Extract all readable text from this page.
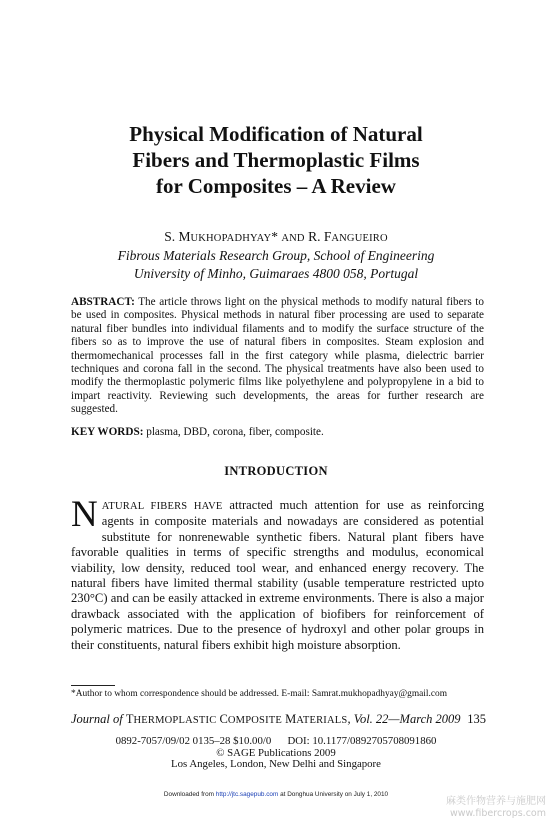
Physical Modification of Natural
Fibers and Thermoplastic Films
for Composites – A Review
S. MUKHOPADHYAY* AND R. FANGUEIRO
Fibrous Materials Research Group, School of Engineering
University of Minho, Guimaraes 4800 058, Portugal

ABSTRACT: The article throws light on the physical methods to modify natural fibers to be used in composites. Physical methods in natural fiber processing are used to separate natural fiber bundles into individual filaments and to modify the surface structure of the fibers so as to improve the use of natural fibers in composites. Steam explosion and thermomechanical processes fall in the first category while plasma, dielectric barrier techniques and corona fall in the second. The physical treatments have also been used to modify the thermoplastic polymeric films like polyethylene and polypropylene in a bid to impart reactivity. Reviewing such developments, the areas for further research are suggested.

KEY WORDS: plasma, DBD, corona, fiber, composite.

INTRODUCTION

NATURAL FIBERS HAVE attracted much attention for use as reinforcing agents in composite materials and nowadays are considered as potential substitute for nonrenewable synthetic fibers. Natural plant fibers have favorable qualities in terms of specific strengths and modulus, economical viability, low density, reduced tool wear, and enhanced energy recovery. The natural fibers have limited thermal stability (usable temperature restricted upto 230°C) and can be easily attacked in extreme environments. There is also a major drawback associated with the application of biofibers for reinforcement of polymeric matrices. Due to the presence of hydroxyl and other polar groups in their constituents, natural fibers exhibit high moisture absorption.

*Author to whom correspondence should be addressed. E-mail: Samrat.mukhopadhyay@gmail.com

Journal of THERMOPLASTIC COMPOSITE MATERIALS, Vol. 22—March 2009 135
0892-7057/09/02 0135–28 $10.00/0      DOI: 10.1177/0892705708091860
© SAGE Publications 2009
Los Angeles, London, New Delhi and Singapore
Downloaded from http://jtc.sagepub.com at Donghua University on July 1, 2010
麻类作物营养与施肥网
www.fibercrops.com
